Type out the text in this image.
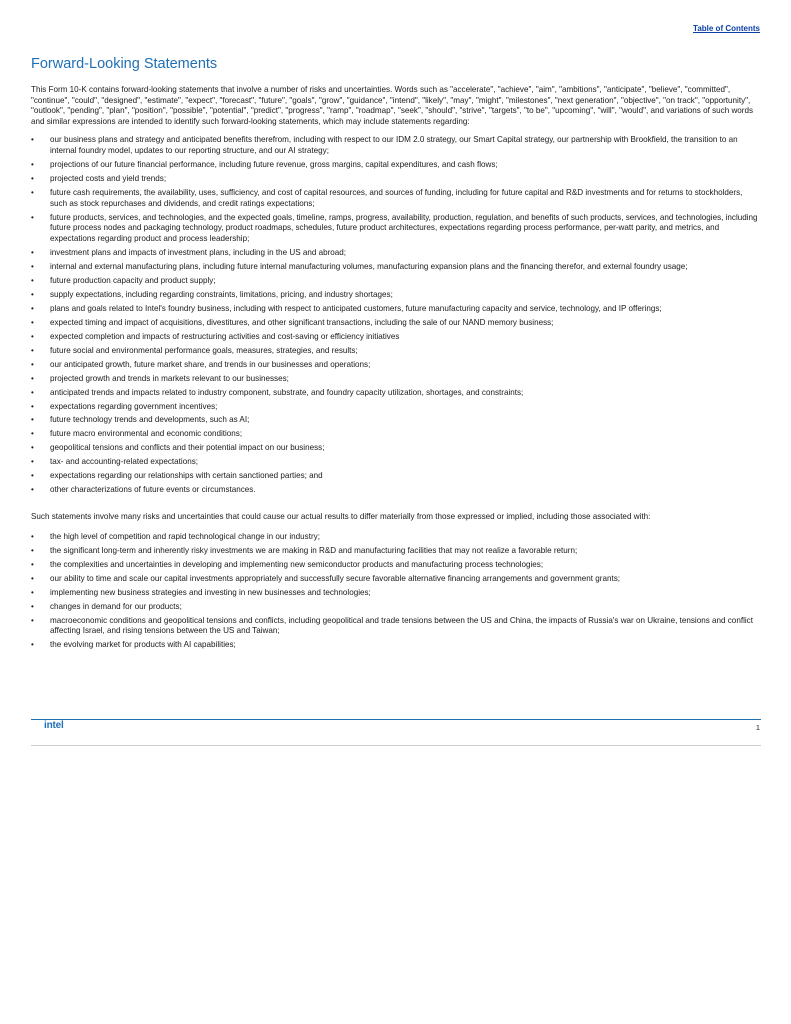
Table of Contents
Forward-Looking Statements

This Form 10-K contains forward-looking statements that involve a number of risks and uncertainties. Words such as "accelerate", "achieve", "aim", "ambitions", "anticipate", "believe", "committed", "continue", "could", "designed", "estimate", "expect", "forecast", "future", "goals", "grow", "guidance", "intend", "likely", "may", "might", "milestones", "next generation", "objective", "on track", "opportunity", "outlook", "pending", "plan", "position", "possible", "potential", "predict", "progress", "ramp", "roadmap", "seek", "should", "strive", "targets", "to be", "upcoming", "will", "would", and variations of such words and similar expressions are intended to identify such forward-looking statements, which may include statements regarding:

• our business plans and strategy and anticipated benefits therefrom, including with respect to our IDM 2.0 strategy, our Smart Capital strategy, our partnership with Brookfield, the transition to an internal foundry model, updates to our reporting structure, and our AI strategy;
• projections of our future financial performance, including future revenue, gross margins, capital expenditures, and cash flows;
• projected costs and yield trends;
• future cash requirements, the availability, uses, sufficiency, and cost of capital resources, and sources of funding, including for future capital and R&D investments and for returns to stockholders, such as stock repurchases and dividends, and credit ratings expectations;
• future products, services, and technologies, and the expected goals, timeline, ramps, progress, availability, production, regulation, and benefits of such products, services, and technologies, including future process nodes and packaging technology, product roadmaps, schedules, future product architectures, expectations regarding process performance, per-watt parity, and metrics, and expectations regarding product and process leadership;
• investment plans and impacts of investment plans, including in the US and abroad;
• internal and external manufacturing plans, including future internal manufacturing volumes, manufacturing expansion plans and the financing therefor, and external foundry usage;
• future production capacity and product supply;
• supply expectations, including regarding constraints, limitations, pricing, and industry shortages;
• plans and goals related to Intel's foundry business, including with respect to anticipated customers, future manufacturing capacity and service, technology, and IP offerings;
• expected timing and impact of acquisitions, divestitures, and other significant transactions, including the sale of our NAND memory business;
• expected completion and impacts of restructuring activities and cost-saving or efficiency initiatives
• future social and environmental performance goals, measures, strategies, and results;
• our anticipated growth, future market share, and trends in our businesses and operations;
• projected growth and trends in markets relevant to our businesses;
• anticipated trends and impacts related to industry component, substrate, and foundry capacity utilization, shortages, and constraints;
• expectations regarding government incentives;
• future technology trends and developments, such as AI;
• future macro environmental and economic conditions;
• geopolitical tensions and conflicts and their potential impact on our business;
• tax- and accounting-related expectations;
• expectations regarding our relationships with certain sanctioned parties; and
• other characterizations of future events or circumstances.

Such statements involve many risks and uncertainties that could cause our actual results to differ materially from those expressed or implied, including those associated with:

• the high level of competition and rapid technological change in our industry;
• the significant long-term and inherently risky investments we are making in R&D and manufacturing facilities that may not realize a favorable return;
• the complexities and uncertainties in developing and implementing new semiconductor products and manufacturing process technologies;
• our ability to time and scale our capital investments appropriately and successfully secure favorable alternative financing arrangements and government grants;
• implementing new business strategies and investing in new businesses and technologies;
• changes in demand for our products;
• macroeconomic conditions and geopolitical tensions and conflicts, including geopolitical and trade tensions between the US and China, the impacts of Russia's war on Ukraine, tensions and conflict affecting Israel, and rising tensions between the US and Taiwan;
• the evolving market for products with AI capabilities;
intel	1
